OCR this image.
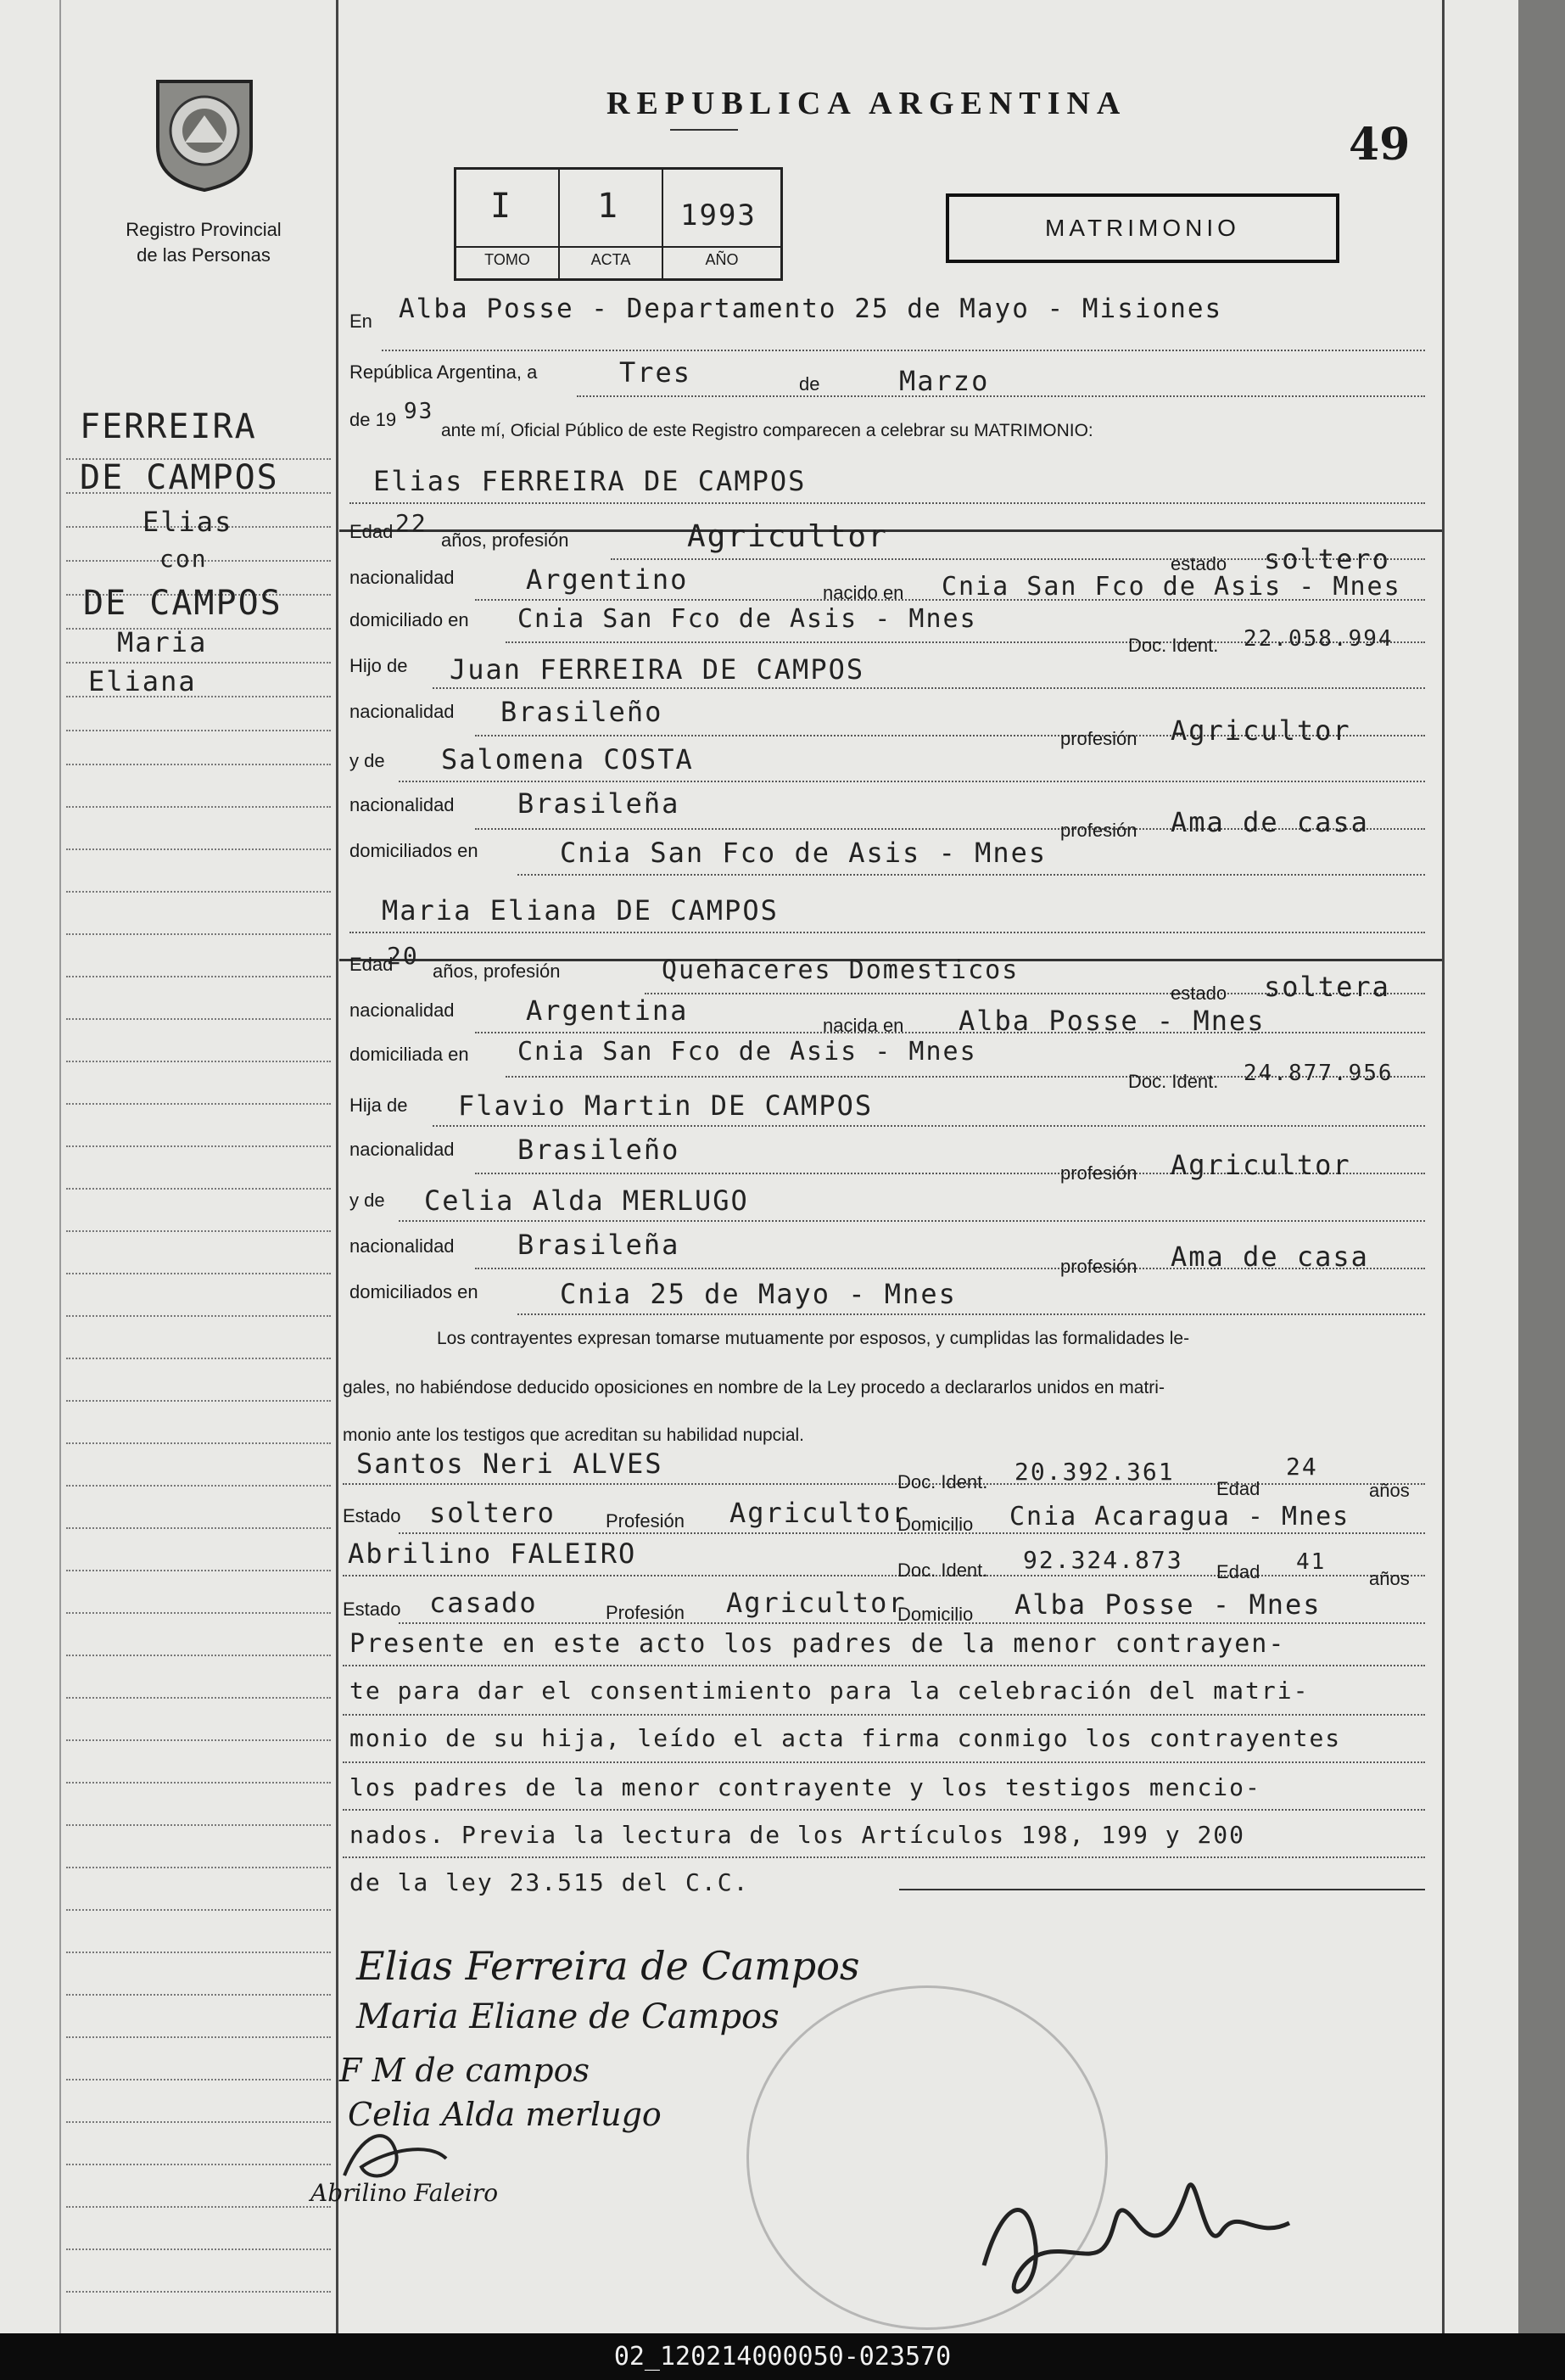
Registro Provincial
de las Personas
REPUBLICA ARGENTINA
49
I
TOMO
1
ACTA
1993
AÑO
MATRIMONIO
FERREIRA
DE CAMPOS
Elias
con
DE CAMPOS
Maria
Eliana
En Alba Posse - Departamento 25 de Mayo - Misiones
República Argentina, a	Tres	de	Marzo
de 19 93
ante mí, Oficial Público de este Registro comparecen a celebrar su MATRIMONIO:
Elias FERREIRA DE CAMPOS
Edad 22
años, profesión	Agricultor
estado soltero
nacionalidad	Argentino	nacido en Cnia San Fco de Asis - Mnes
domiciliado en Cnia San Fco de Asis - Mnes
Doc. Ident. 22.058.994
Hijo de Juan FERREIRA DE CAMPOS
nacionalidad Brasileño
profesión Agricultor
y de Salomena COSTA
nacionalidad Brasileña
profesión Ama de casa
domiciliados en	Cnia San Fco de Asis - Mnes
Maria Eliana DE CAMPOS
Edad
20
años, profesión	Quehaceres Domesticos
estado soltera
nacionalidad	Argentina	nacida en Alba Posse - Mnes
domiciliada en Cnia San Fco de Asis - Mnes
Doc. Ident. 24.877.956
Hija de Flavio Martin DE CAMPOS
nacionalidad Brasileño
profesión Agricultor
y de Celia Alda MERLUGO
nacionalidad Brasileña
profesión Ama de casa
domiciliados en	Cnia 25 de Mayo - Mnes
Los contrayentes expresan tomarse mutuamente por esposos, y cumplidas las formalidades le-
gales, no habiéndose deducido oposiciones en nombre de la Ley procedo a declararlos unidos en matri-
monio ante los testigos que acreditan su habilidad nupcial.
Santos Neri ALVES
Doc. Ident. 20.392.361
Edad
24
años
Estado soltero	Profesión Agricultor
Domicilio Cnia Acaragua - Mnes
Abrilino FALEIRO
Doc. Ident. 92.324.873 Edad 41
años
Estado casado	Profesión Agricultor
Domicilio Alba Posse - Mnes
Presente en este acto los padres de la menor contrayen-
te para dar el consentimiento para la celebración del matri-
monio de su hija, leído el acta firma conmigo los contrayentes
los padres de la menor contrayente y los testigos mencio-
nados. Previa la lectura de los Artículos 198, 199 y 200
de la ley 23.515 del C.C.
Elias Ferreira de Campos
Maria Eliane de Campos
F M de campos
Celia Alda merlugo
Abrilino Faleiro
02_120214000050-023570
